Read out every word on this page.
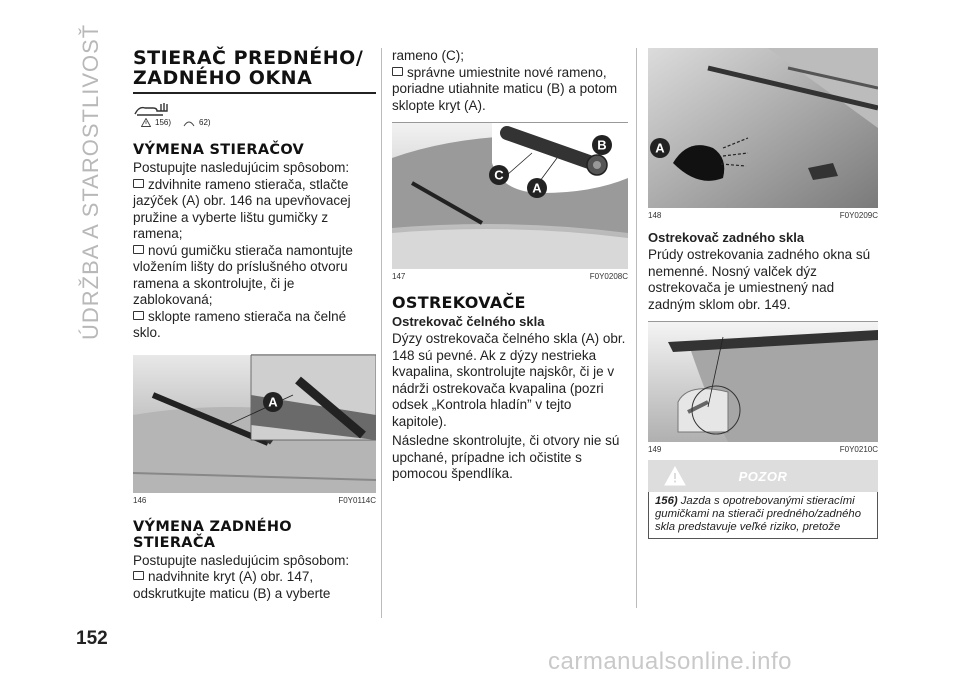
ÚDRŽBA A STAROSTLIVOSŤ STIERAČ PREDNÉHO/
ZADNÉHO OKNA
156)	62)
VÝMENA STIERAČOV

Postupujte nasledujúcim spôsobom:

zdvihnite rameno stierača, stlačte jazýček (A) obr. 146 na upevňovacej pružine a vyberte lištu gumičky z ramena;

novú gumičku stierača namontujte vložením lišty do príslušného otvoru ramena a skontrolujte, či je zablokovaná;

sklopte rameno stierača na čelné sklo.

A
146	F0Y0114C
VÝMENA ZADNÉHO
STIERAČA

Postupujte nasledujúcim spôsobom:

nadvihnite kryt (A) obr. 147, odskrutkujte maticu (B) a vyberte

rameno (C);

správne umiestnite nové rameno, poriadne utiahnite maticu (B) a potom sklopte kryt (A).

B
C
A
147	F0Y0208C
OSTREKOVAČE
Ostrekovač čelného skla

Dýzy ostrekovača čelného skla (A) obr. 148 sú pevné. Ak z dýzy nestrieka kvapalina, skontrolujte najskôr, či je v nádrži ostrekovača kvapalina (pozri odsek „Kontrola hladín” v tejto kapitole).

Následne skontrolujte, či otvory nie sú upchané, prípadne ich očistite s pomocou špendlíka.

A
148	F0Y0209C
Ostrekovač zadného skla

Prúdy ostrekovania zadného okna sú nemenné. Nosný valček dýz ostrekovača je umiestnený nad zadným sklom obr. 149.

149	F0Y0210C
POZOR
156) Jazda s opotrebovanými stieracími gumičkami na stierači predného/zadného skla predstavuje veľké riziko, pretože
152
carmanualsonline.info
